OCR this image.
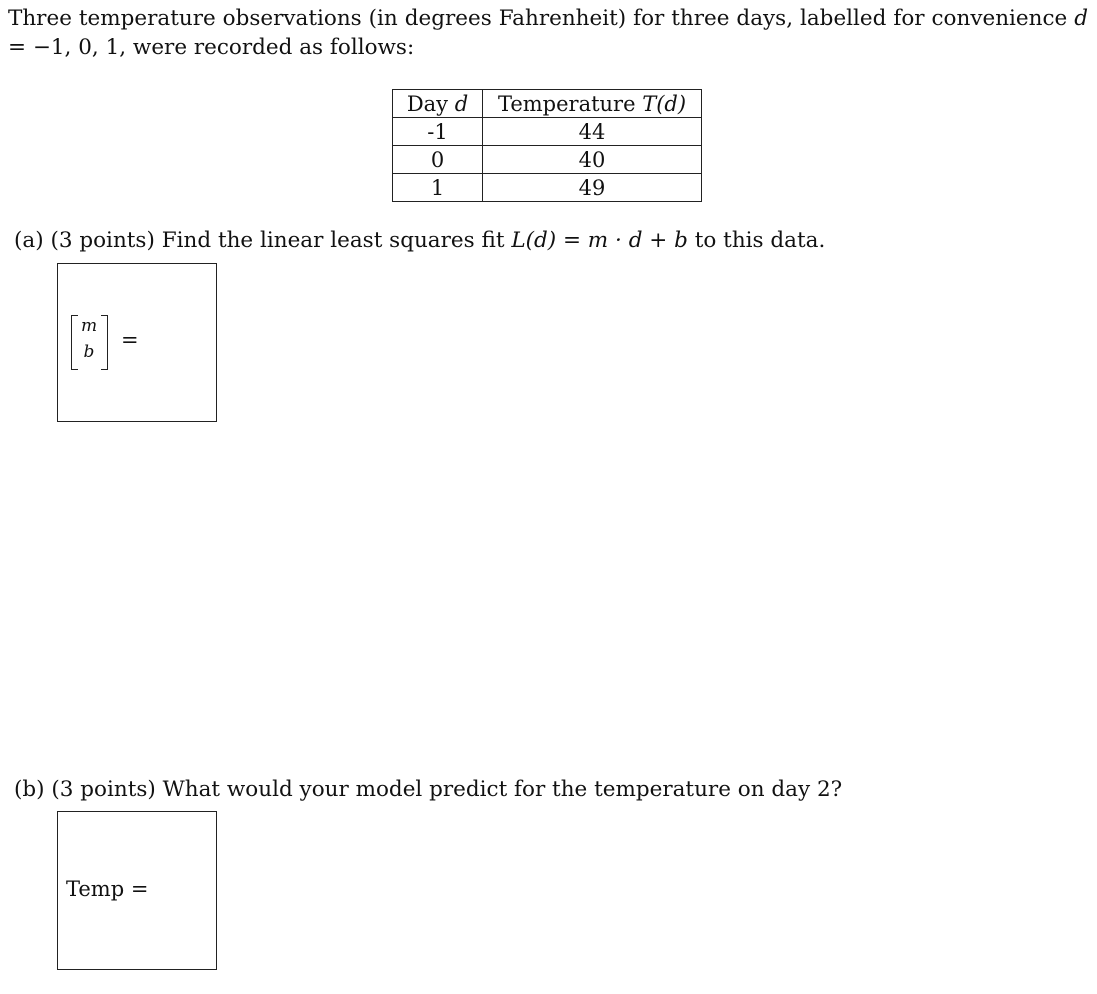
Three temperature observations (in degrees Fahrenheit) for three days, labelled for convenience d = −1, 0, 1, were recorded as follows:
Day d	Temperature T(d)
-1	44
0	40
1	49
(a) (3 points) Find the linear least squares fit L(d) = m · d + b to this data.
m
b	=
(b) (3 points) What would your model predict for the temperature on day 2?
Temp =
